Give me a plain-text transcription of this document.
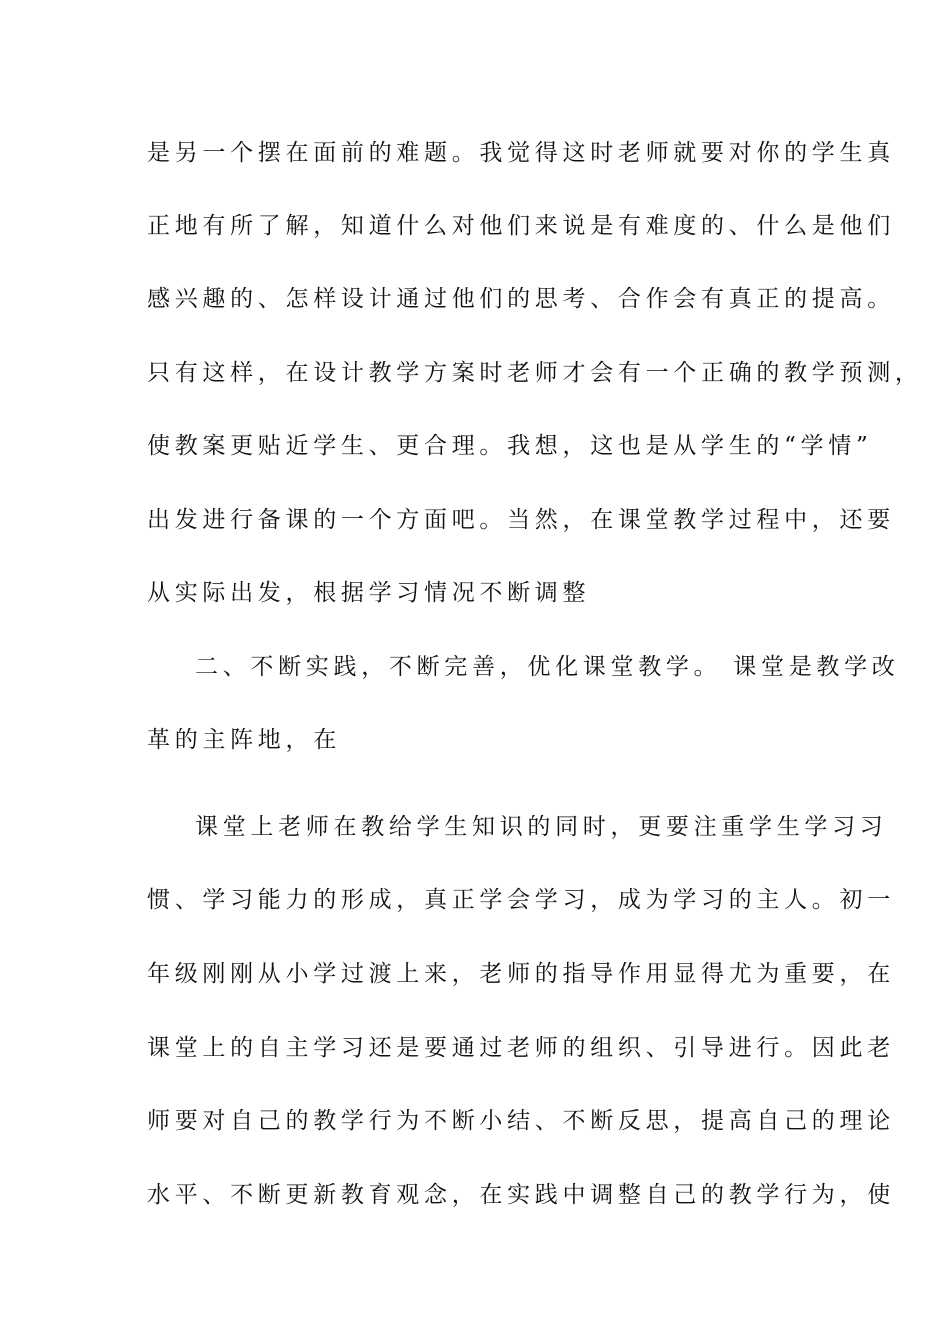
是另一个摆在面前的难题。我觉得这时老师就要对你的学生真
正地有所了解，知道什么对他们来说是有难度的、什么是他们
感兴趣的、怎样设计通过他们的思考、合作会有真正的提高。
只有这样，在设计教学方案时老师才会有一个正确的教学预测，
使教案更贴近学生、更合理。我想，这也是从学生的“学情”
出发进行备课的一个方面吧。当然，在课堂教学过程中，还要
从实际出发，根据学习情况不断调整
二、不断实践，不断完善，优化课堂教学。 课堂是教学改
革的主阵地，在
课堂上老师在教给学生知识的同时，更要注重学生学习习
惯、学习能力的形成，真正学会学习，成为学习的主人。初一
年级刚刚从小学过渡上来，老师的指导作用显得尤为重要，在
课堂上的自主学习还是要通过老师的组织、引导进行。因此老
师要对自己的教学行为不断小结、不断反思，提高自己的理论
水平、不断更新教育观念，在实践中调整自己的教学行为，使
